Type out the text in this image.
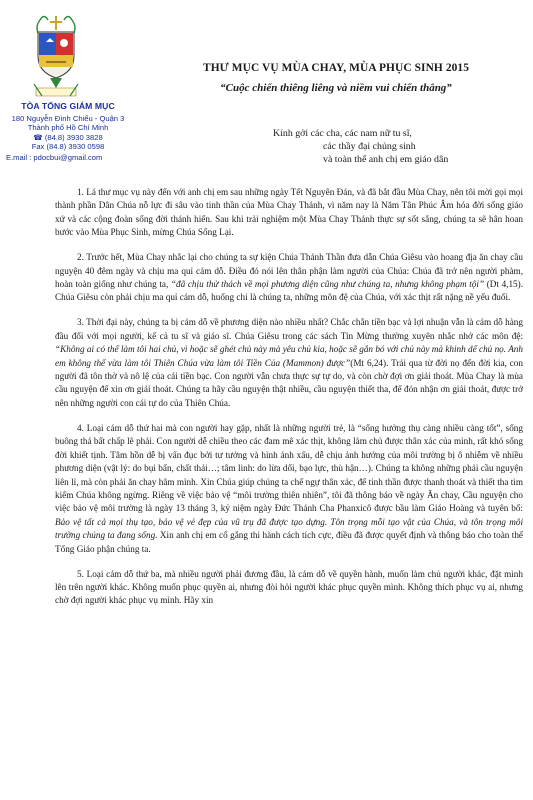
TÒA TỔNG GIÁM MỤC
180 Nguyễn Đình Chiểu - Quận 3
Thành phố Hồ Chí Minh
☎ (84.8) 3930 3828
Fax (84.8) 3930 0598
E.mail : pdocbui@gmail.com
THƯ MỤC VỤ MÙA CHAY, MÙA PHỤC SINH 2015
“Cuộc chiến thiêng liêng và niềm vui chiến thắng”
Kính gởi các cha, các nam nữ tu sĩ,
các thầy đại chủng sinh
và toàn thể anh chị em giáo dân

1. Lá thư mục vụ này đến với anh chị em sau những ngày Tết Nguyên Đán, và đã bắt đầu Mùa Chay, nên tôi mời gọi mọi thành phần Dân Chúa nỗ lực đi sâu vào tinh thần của Mùa Chay Thánh, vì năm nay là Năm Tân Phúc Âm hóa đời sống giáo xứ và các cộng đoàn sống đời thánh hiến. Sau khi trải nghiệm một Mùa Chay Thánh thực sự sốt sắng, chúng ta sẽ hân hoan bước vào Mùa Phục Sinh, mừng Chúa Sống Lại.

2. Trước hết, Mùa Chay nhắc lại cho chúng ta sự kiện Chúa Thánh Thần đưa dẫn Chúa Giêsu vào hoang địa ăn chay cầu nguyện 40 đêm ngày và chịu ma quỉ cám dỗ. Điều đó nói lên thân phận làm người của Chúa: Chúa đã trở nên người phàm, hoàn toàn giống như chúng ta, “đã chịu thử thách về mọi phương diện cũng như chúng ta, nhưng không phạm tội” (Dt 4,15). Chúa Giêsu còn phải chịu ma quỉ cám dỗ, huống chi là chúng ta, những môn đệ của Chúa, với xác thịt rất nặng nề yếu đuối.

3. Thời đại này, chúng ta bị cám dỗ về phương diện nào nhiều nhất? Chắc chắn tiền bạc và lợi nhuận vẫn là cám dỗ hàng đầu đối với mọi người, kể cả tu sĩ và giáo sĩ. Chúa Giêsu trong các sách Tin Mừng thường xuyên nhắc nhở các môn đệ: “Không ai có thể làm tôi hai chủ, vì hoặc sẽ ghét chủ này mà yêu chủ kia, hoặc sẽ gắn bó với chủ này mà khinh dể chủ nọ. Anh em không thể vừa làm tôi Thiên Chúa vừa làm tôi Tiền Của (Mammon) được”(Mt 6,24). Trải qua từ đời nọ đến đời kia, con người đã tôn thờ và nô lệ của cải tiền bạc. Con người vẫn chưa thực sự tự do, và còn chờ đợi ơn giải thoát. Mùa Chay là mùa cầu nguyện để xin ơn giải thoát. Chúng ta hãy cầu nguyện thật nhiều, cầu nguyện thiết tha, để đón nhận ơn giải thoát, được trở nên những người con cái tự do của Thiên Chúa.

4. Loại cám dỗ thứ hai mà con người hay gặp, nhất là những người trẻ, là “sống hưởng thụ càng nhiều càng tốt”, sống buông thả bất chấp lẽ phải. Con người dễ chiều theo các đam mê xác thịt, không làm chủ được thân xác của mình, rất khó sống đời khiết tịnh. Tâm hồn dễ bị vẩn đục bởi tư tưởng và hình ảnh xấu, dễ chịu ảnh hưởng của môi trường bị ô nhiễm về nhiều phương diện (vật lý: do bụi bẩn, chất thải…; tâm linh: do lừa dối, bạo lực, thù hận…). Chúng ta không những phải cầu nguyện liên lỉ, mà còn phải ăn chay hãm mình. Xin Chúa giúp chúng ta chế ngự thân xác, để tinh thần được thanh thoát và thiết tha tìm kiếm Chúa không ngừng. Riêng về việc bảo vệ “môi trường thiên nhiên”, tôi đã thông báo về ngày Ăn chay, Cầu nguyện cho việc bảo vệ môi trường là ngày 13 tháng 3, kỷ niệm ngày Đức Thánh Cha Phanxicô được bầu làm Giáo Hoàng và tuyên bố: Bảo vệ tất cả mọi thụ tạo, bảo vệ vẻ đẹp của vũ trụ đã được tạo dựng. Tôn trọng mỗi tạo vật của Chúa, và tôn trọng môi trường chúng ta đang sống. Xin anh chị em cố gắng thi hành cách tích cực, điều đã được quyết định và thông báo cho toàn thể Tổng Giáo phận chúng ta.

5. Loại cám dỗ thứ ba, mà nhiều người phải đương đầu, là cám dỗ về quyền hành, muốn làm chủ người khác, đặt mình lên trên người khác. Không muốn phục quyền ai, nhưng đòi hỏi người khác phục quyền mình. Không thích phục vụ ai, nhưng chờ đợi người khác phục vụ mình. Hãy xin
